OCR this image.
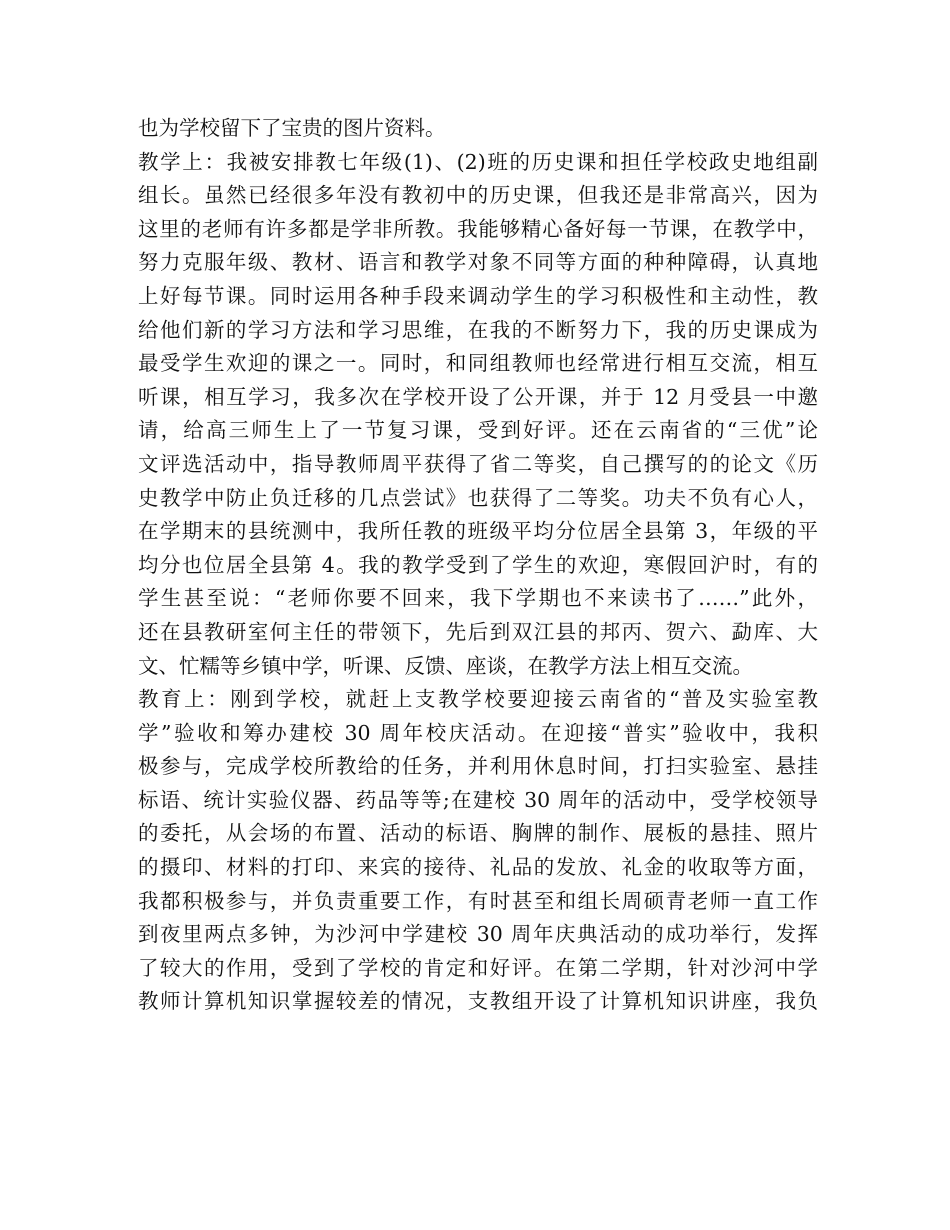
也为学校留下了宝贵的图片资料。
教学上：我被安排教七年级(1)、(2)班的历史课和担任学校政史地组副
组长。虽然已经很多年没有教初中的历史课，但我还是非常高兴，因为
这里的老师有许多都是学非所教。我能够精心备好每一节课，在教学中，
努力克服年级、教材、语言和教学对象不同等方面的种种障碍，认真地
上好每节课。同时运用各种手段来调动学生的学习积极性和主动性，教
给他们新的学习方法和学习思维，在我的不断努力下，我的历史课成为
最受学生欢迎的课之一。同时，和同组教师也经常进行相互交流，相互
听课，相互学习，我多次在学校开设了公开课，并于 12 月受县一中邀
请，给高三师生上了一节复习课，受到好评。还在云南省的“三优”论
文评选活动中，指导教师周平获得了省二等奖，自己撰写的的论文《历
史教学中防止负迁移的几点尝试》也获得了二等奖。功夫不负有心人，
在学期末的县统测中，我所任教的班级平均分位居全县第 3，年级的平
均分也位居全县第 4。我的教学受到了学生的欢迎，寒假回沪时，有的
学生甚至说：“老师你要不回来，我下学期也不来读书了……”此外，
还在县教研室何主任的带领下，先后到双江县的邦丙、贺六、勐库、大
文、忙糯等乡镇中学，听课、反馈、座谈，在教学方法上相互交流。
教育上：刚到学校，就赶上支教学校要迎接云南省的“普及实验室教
学”验收和筹办建校 30 周年校庆活动。在迎接“普实”验收中，我积
极参与，完成学校所教给的任务，并利用休息时间，打扫实验室、悬挂
标语、统计实验仪器、药品等等;在建校 30 周年的活动中，受学校领导
的委托，从会场的布置、活动的标语、胸牌的制作、展板的悬挂、照片
的摄印、材料的打印、来宾的接待、礼品的发放、礼金的收取等方面，
我都积极参与，并负责重要工作，有时甚至和组长周硕青老师一直工作
到夜里两点多钟，为沙河中学建校 30 周年庆典活动的成功举行，发挥
了较大的作用，受到了学校的肯定和好评。在第二学期，针对沙河中学
教师计算机知识掌握较差的情况，支教组开设了计算机知识讲座，我负
